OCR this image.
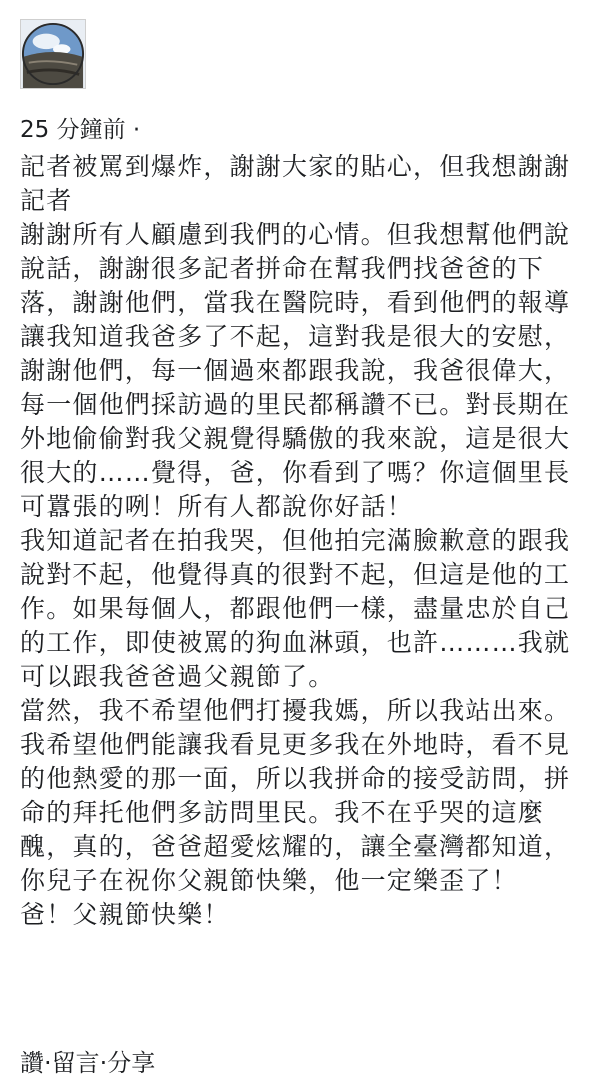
25 分鐘前 ·

記者被罵到爆炸，謝謝大家的貼心，但我想謝謝記者

謝謝所有人顧慮到我們的心情。但我想幫他們說說話，謝謝很多記者拼命在幫我們找爸爸的下落，謝謝他們，當我在醫院時，看到他們的報導讓我知道我爸多了不起，這對我是很大的安慰，謝謝他們，每一個過來都跟我說，我爸很偉大，每一個他們採訪過的里民都稱讚不已。對長期在外地偷偷對我父親覺得驕傲的我來說，這是很大很大的……覺得，爸，你看到了嗎？你這個里長可囂張的咧！所有人都說你好話！

我知道記者在拍我哭，但他拍完滿臉歉意的跟我說對不起，他覺得真的很對不起，但這是他的工作。如果每個人，都跟他們一樣，盡量忠於自己的工作，即使被罵的狗血淋頭，也許………我就可以跟我爸爸過父親節了。

當然，我不希望他們打擾我媽，所以我站出來。我希望他們能讓我看見更多我在外地時，看不見的他熱愛的那一面，所以我拼命的接受訪問，拼命的拜托他們多訪問里民。我不在乎哭的這麼醜，真的，爸爸超愛炫耀的，讓全臺灣都知道，你兒子在祝你父親節快樂，他一定樂歪了！

爸！父親節快樂！

讚·留言·分享
